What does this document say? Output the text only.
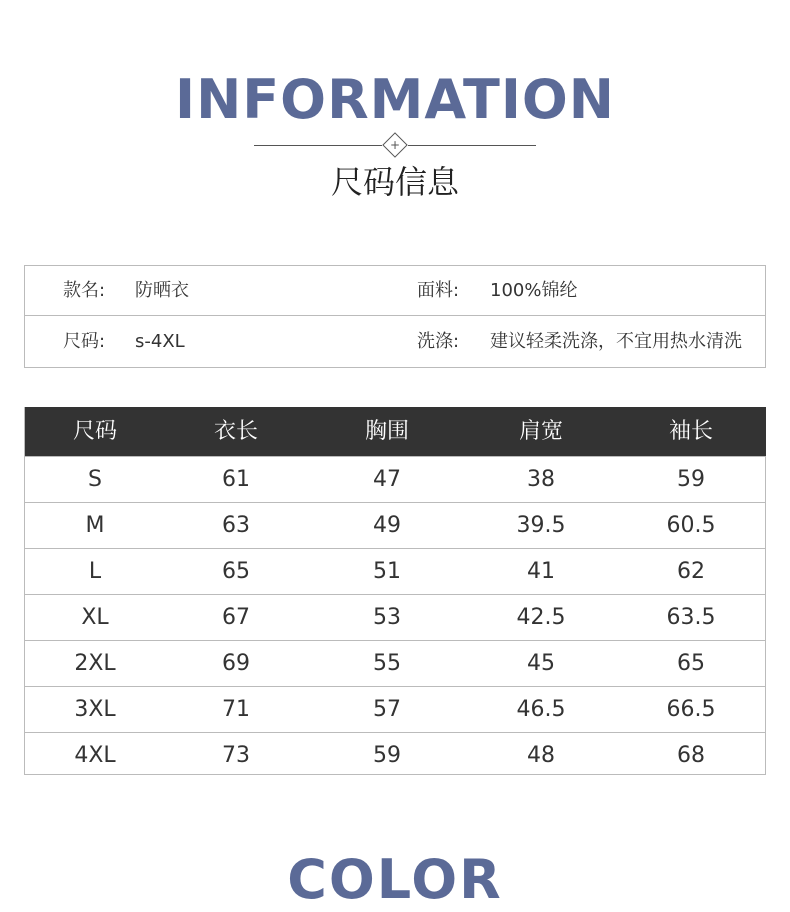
INFORMATION
+
尺码信息
款名: 防晒衣	面料: 100%锦纶
尺码: s-4XL	洗涤: 建议轻柔洗涤，不宜用热水清洗
尺码	衣长	胸围	肩宽	袖长
S	61	47	38	59
M	63	49	39.5	60.5
L	65	51	41	62
XL	67	53	42.5	63.5
2XL	69	55	45	65
3XL	71	57	46.5	66.5
4XL	73	59	48	68
COLOR
